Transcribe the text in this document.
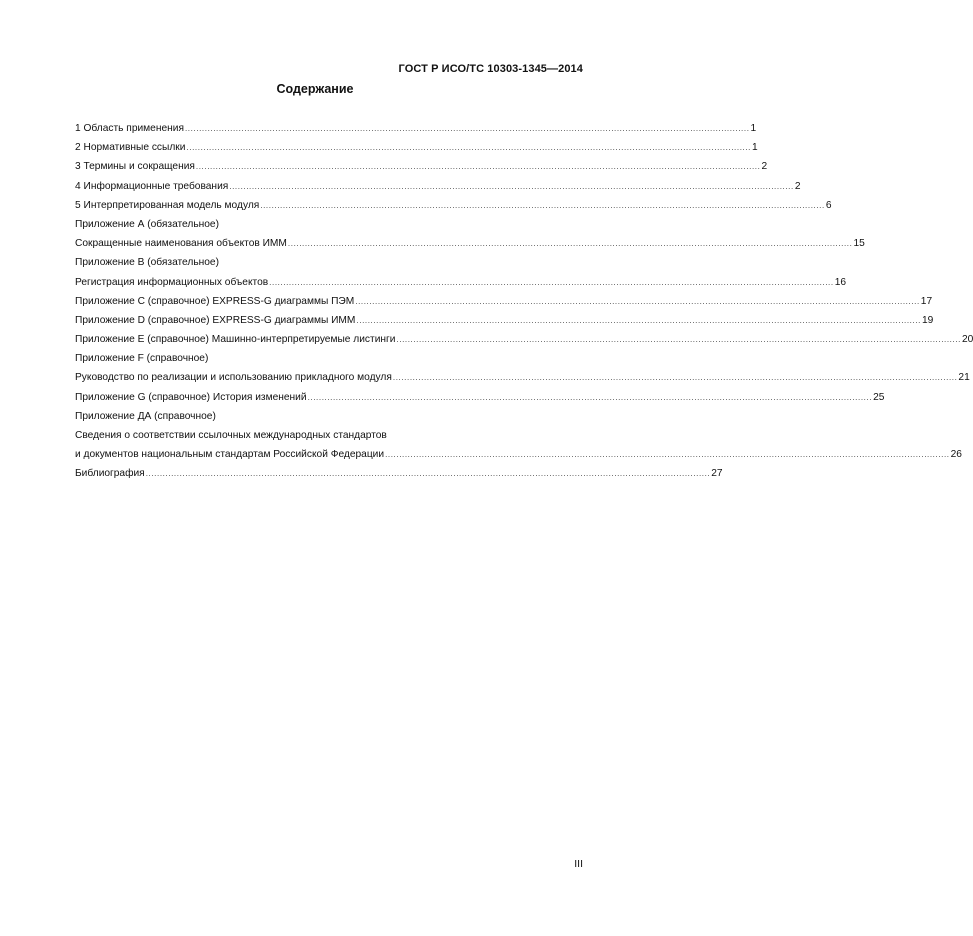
ГОСТ Р ИСО/ТС 10303-1345—2014
Содержание
1 Область применения ........................................................................................................................................................................................................ 1
2 Нормативные ссылки ........................................................................................................................................................................................................ 1
3 Термины и сокращения ........................................................................................................................................................................................................ 2
4 Информационные требования ........................................................................................................................................................................................................ 2
5 Интерпретированная модель модуля ........................................................................................................................................................................................................ 6
Приложение А (обязательное)
Сокращенные наименования объектов ИММ ........................................................................................................................................................................................................ 15
Приложение В (обязательное)
Регистрация информационных объектов ........................................................................................................................................................................................................ 16
Приложение С (справочное) EXPRESS-G диаграммы ПЭМ ........................................................................................................................................................................................................ 17
Приложение D (справочное) EXPRESS-G диаграммы ИММ ........................................................................................................................................................................................................ 19
Приложение E (справочное) Машинно-интерпретируемые листинги ........................................................................................................................................................................................................ 20
Приложение F (справочное)
Руководство по реализации и использованию прикладного модуля ........................................................................................................................................................................................................ 21
Приложение G (справочное) История изменений ........................................................................................................................................................................................................ 25
Приложение ДА (справочное)
Сведения о соответствии ссылочных международных стандартов
и документов национальным стандартам Российской Федерации ........................................................................................................................................................................................................ 26
Библиография ........................................................................................................................................................................................................ 27
III
